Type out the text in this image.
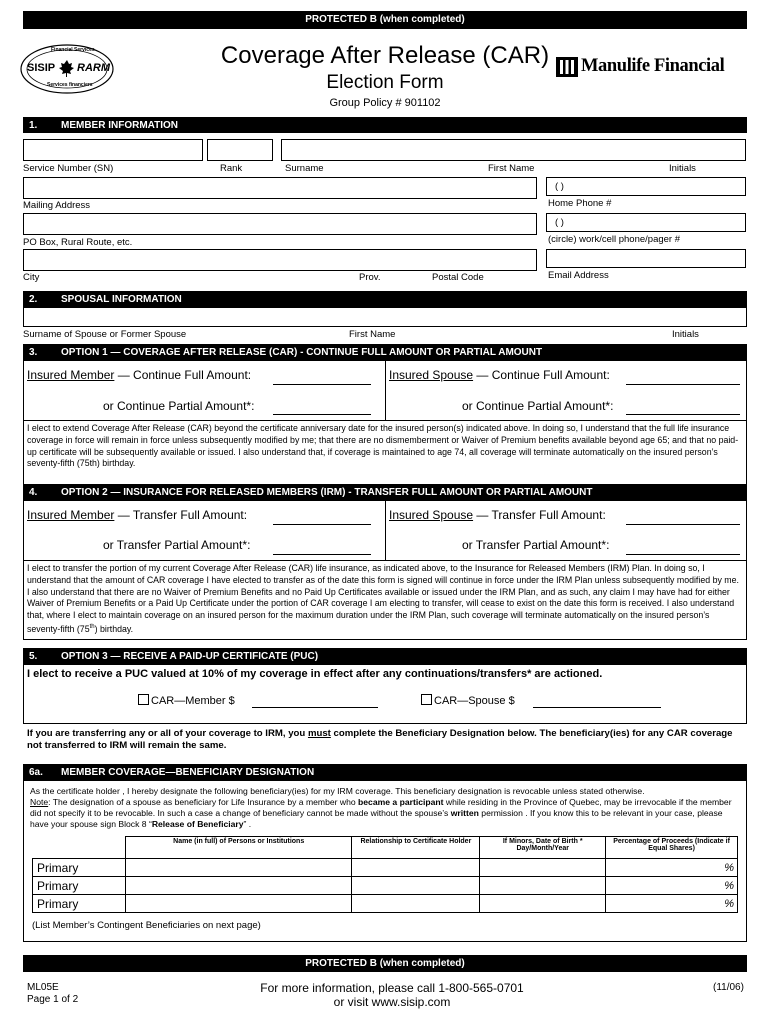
PROTECTED B (when completed)
Financial Services
SISIP RARM
Services financiers
Coverage After Release (CAR)
Election Form
Group Policy # 901102
Manulife Financial
1. MEMBER INFORMATION
Service Number (SN)	Rank	Surname	First Name	Initials
( )
Mailing Address	Home Phone #
( )
PO Box, Rural Route, etc.	(circle) work/cell phone/pager #
City	Prov.	Postal Code	Email Address
2. SPOUSAL INFORMATION
Surname of Spouse or Former Spouse	First Name	Initials
3. OPTION 1 — COVERAGE AFTER RELEASE (CAR) - CONTINUE FULL AMOUNT OR PARTIAL AMOUNT
Insured Member — Continue Full Amount:	Insured Spouse — Continue Full Amount:
or Continue Partial Amount*:	or Continue Partial Amount*:
I elect to extend Coverage After Release (CAR) beyond the certificate anniversary date for the insured person(s) indicated above. In doing so, I understand that the full life insurance coverage in force will remain in force unless subsequently modified by me; that there are no dismemberment or Waiver of Premium benefits available beyond age 65; and that no paid-up certificate will be subsequently available or issued. I also understand that, if coverage is maintained to age 74, all coverage will terminate automatically on the insured person’s seventy-fifth (75th) birthday.
4. OPTION 2 — INSURANCE FOR RELEASED MEMBERS (IRM) - TRANSFER FULL AMOUNT OR PARTIAL AMOUNT
Insured Member — Transfer Full Amount:	Insured Spouse — Transfer Full Amount:
or Transfer Partial Amount*:	or Transfer Partial Amount*:
I elect to transfer the portion of my current Coverage After Release (CAR) life insurance, as indicated above, to the Insurance for Released Members (IRM) Plan. In doing so, I understand that the amount of CAR coverage I have elected to transfer as of the date this form is signed will continue in force under the IRM Plan unless subsequently modified by me. I also understand that there are no Waiver of Premium Benefits and no Paid Up Certificates available or issued under the IRM Plan, and as such, any claim I may have had for either Waiver of Premium Benefits or a Paid Up Certificate under the portion of CAR coverage I am electing to transfer, will cease to exist on the date this form is received. I also understand that, where I elect to maintain coverage on an insured person for the maximum duration under the IRM Plan, such coverage will terminate automatically on the insured person’s seventy-fifth (75th) birthday.
5. OPTION 3 — RECEIVE A PAID-UP CERTIFICATE (PUC)
I elect to receive a PUC valued at 10% of my coverage in effect after any continuations/transfers* are actioned.
CAR—Member $	CAR—Spouse $
If you are transferring any or all of your coverage to IRM, you must complete the Beneficiary Designation below. The beneficiary(ies) for any CAR coverage not transferred to IRM will remain the same.
6a. MEMBER COVERAGE—BENEFICIARY DESIGNATION
As the certificate holder , I hereby designate the following beneficiary(ies) for my IRM coverage. This beneficiary designation is revocable unless stated otherwise.
Note: The designation of a spouse as beneficiary for Life Insurance by a member who became a participant while residing in the Province of Quebec, may be irrevocable if the member did not specify it to be revocable. In such a case a change of beneficiary cannot be made without the spouse’s written permission . If you know this to be relevant in your case, please have your spouse sign Block 8 “Release of Beneficiary” .
	Name (in full) of Persons or Institutions	Relationship to Certificate Holder	If Minors, Date of Birth * Day/Month/Year	Percentage of Proceeds (Indicate if Equal Shares)
Primary				%
Primary				%
Primary				%
(List Member’s Contingent Beneficiaries on next page)
PROTECTED B (when completed)
ML05E
Page 1 of 2
For more information, please call 1-800-565-0701
or visit www.sisip.com
(11/06)
